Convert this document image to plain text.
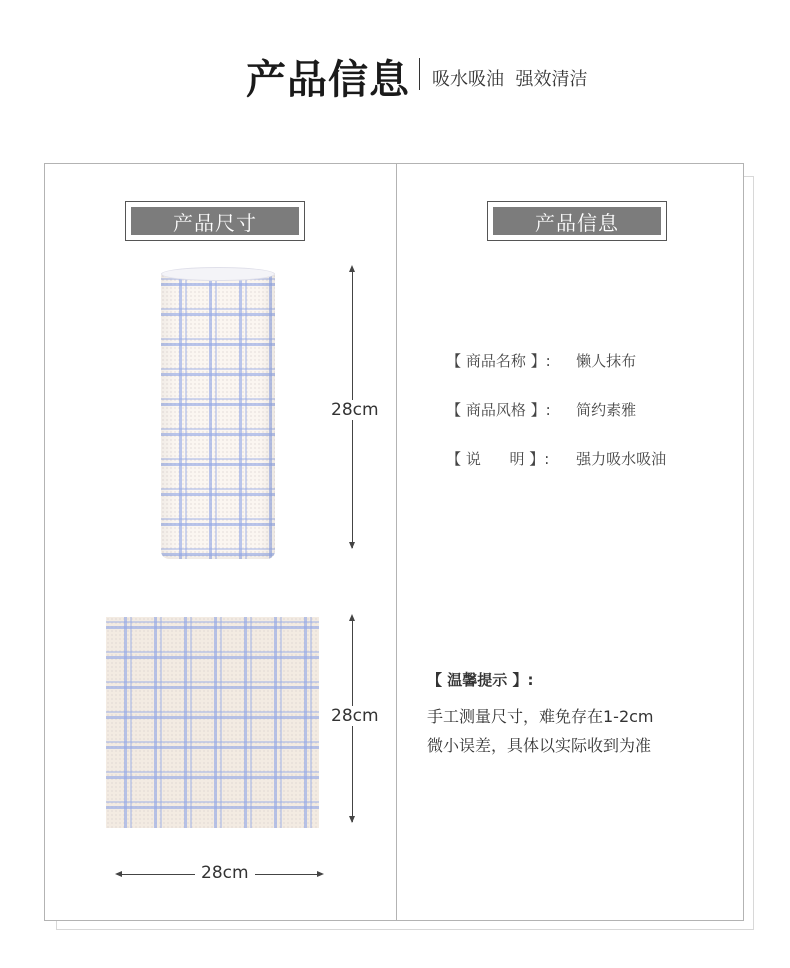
产品信息 吸水吸油  强效清洁
产品尺寸
28cm
28cm
28cm
产品信息

【 商品名称 】: 懒人抹布

【 商品风格 】: 简约素雅

【 说      明 】: 强力吸水吸油

【 温馨提示 】:
手工测量尺寸，难免存在1-2cm
微小误差，具体以实际收到为准
